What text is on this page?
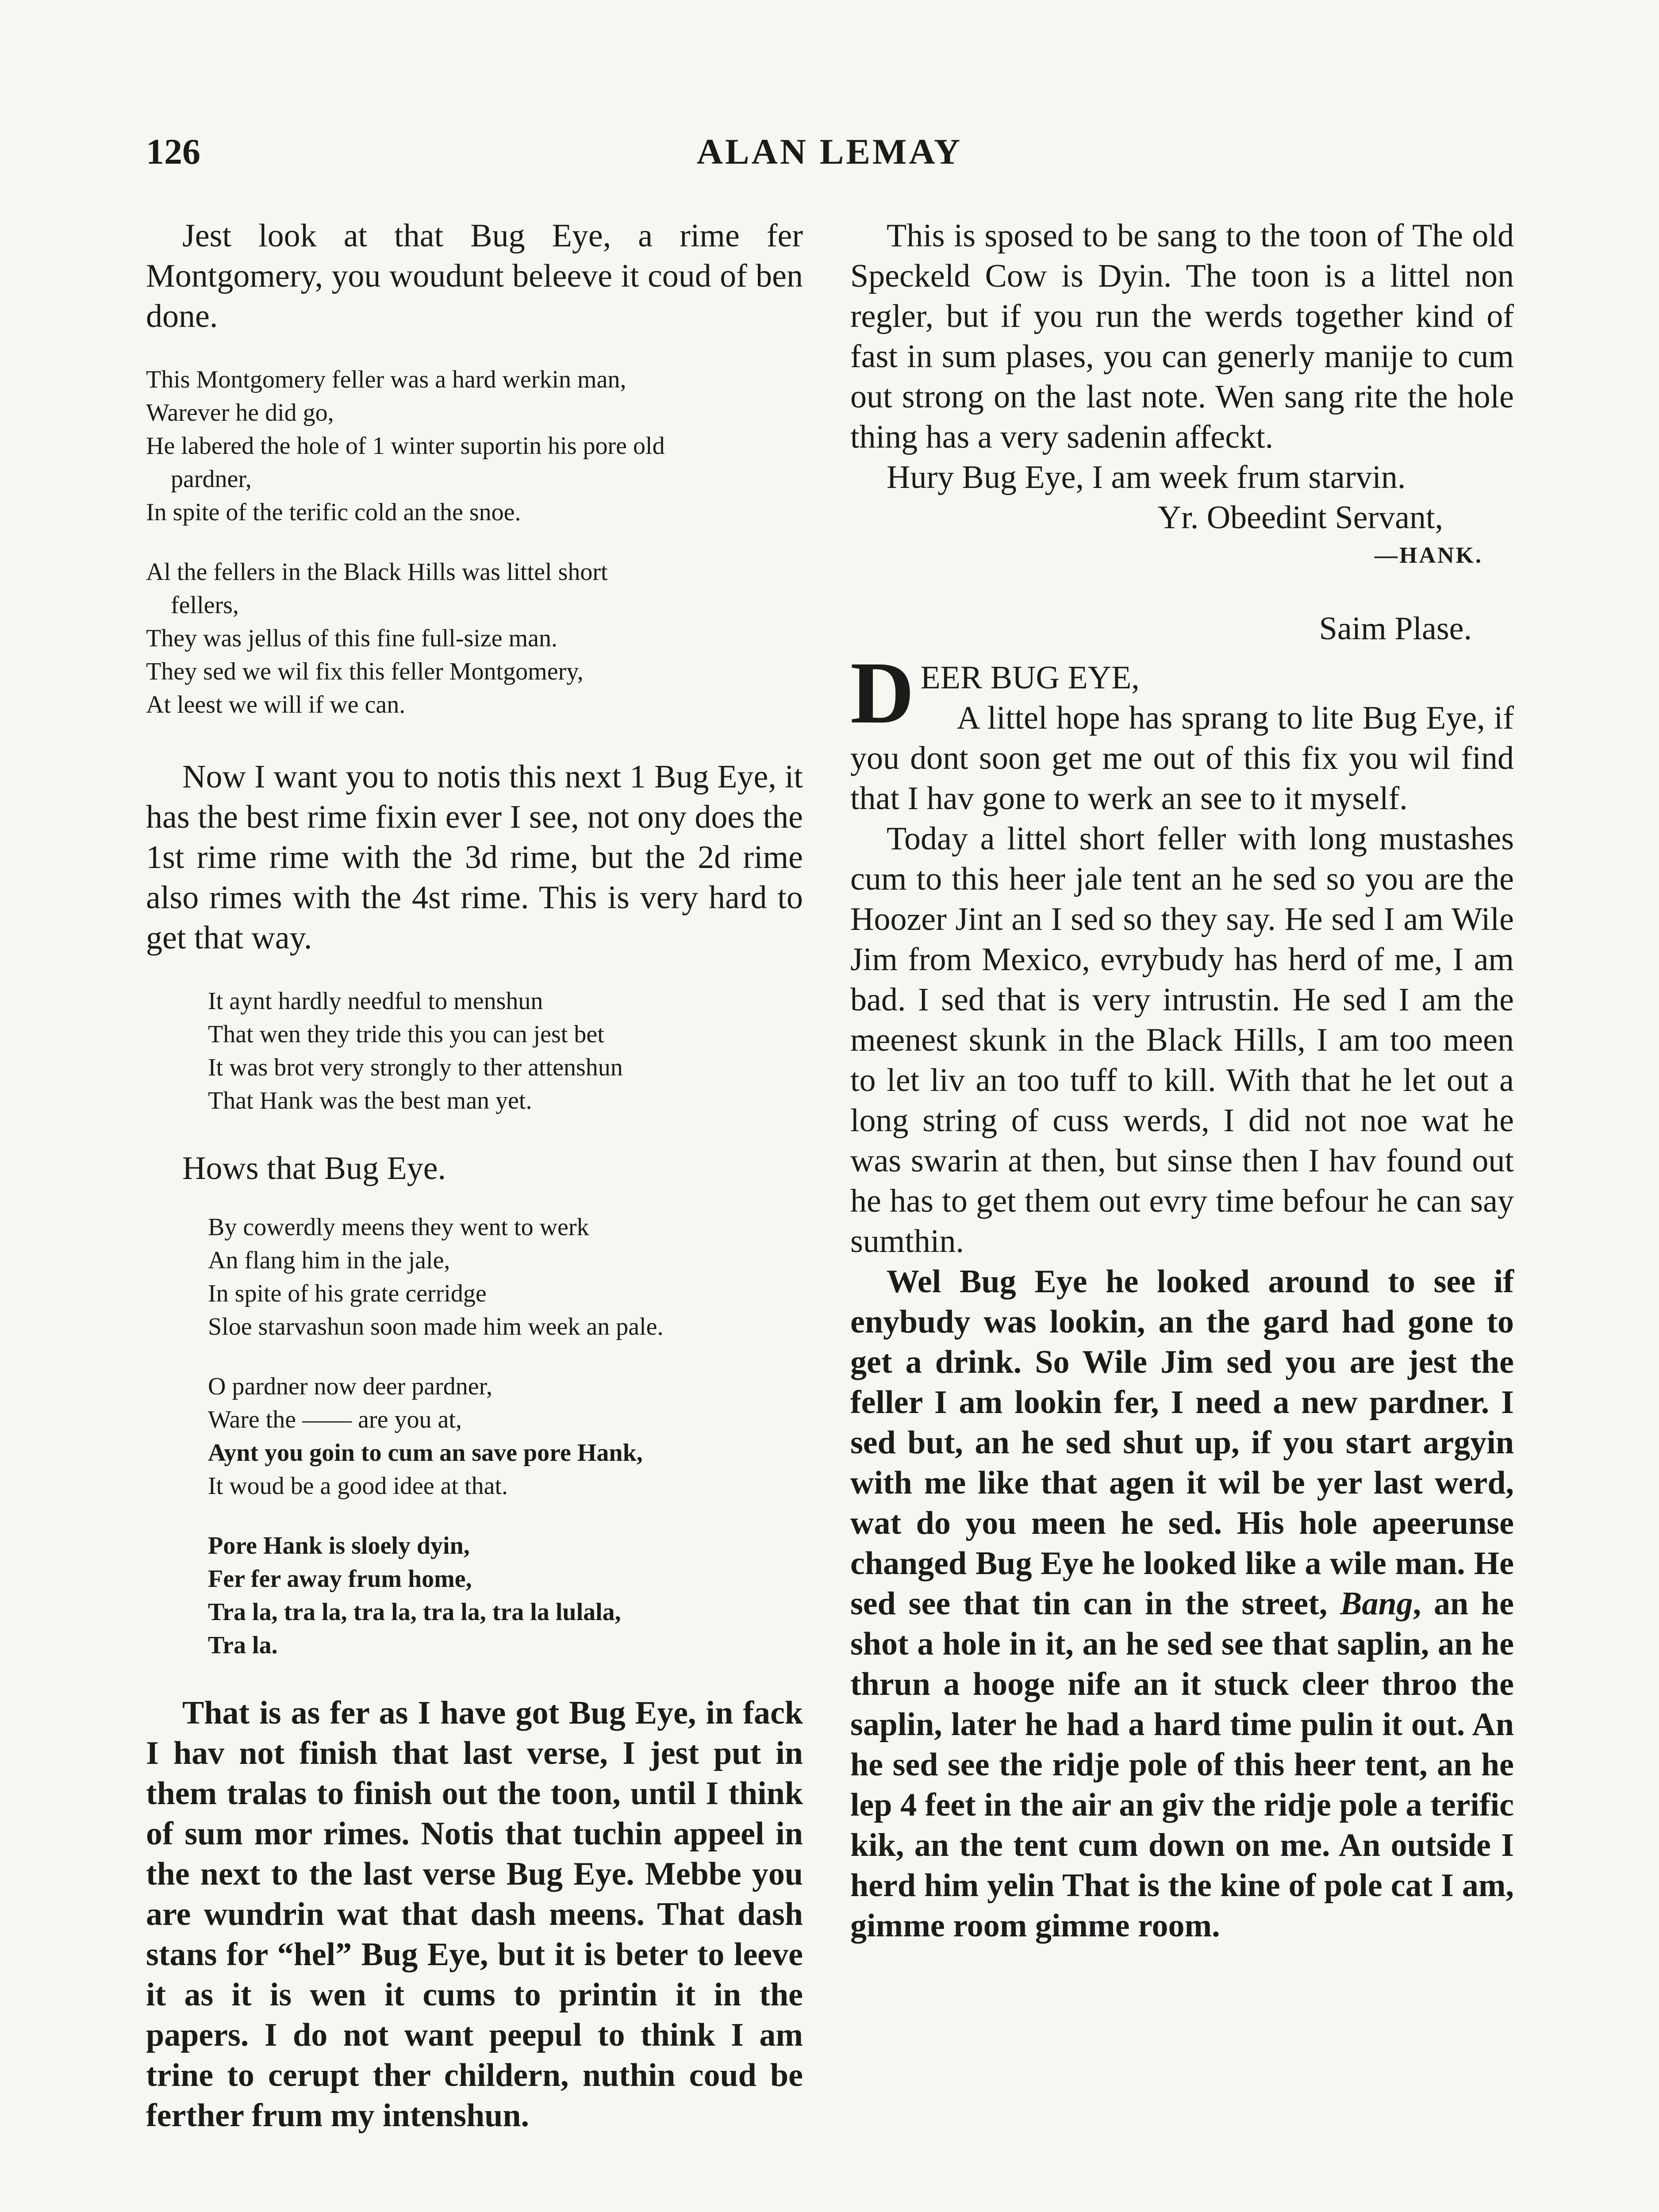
126	ALAN LEMAY

Jest look at that Bug Eye, a rime fer Montgomery, you woudunt beleeve it coud of ben done.

This Montgomery feller was a hard werkin man,
Warever he did go,
He labered the hole of 1 winter suportin his pore old
pardner,
In spite of the terific cold an the snoe.
Al the fellers in the Black Hills was littel short
fellers,
They was jellus of this fine full-size man.
They sed we wil fix this feller Montgomery,
At leest we will if we can.

Now I want you to notis this next 1 Bug Eye, it has the best rime fixin ever I see, not ony does the 1st rime rime with the 3d rime, but the 2d rime also rimes with the 4st rime. This is very hard to get that way.

It aynt hardly needful to menshun
That wen they tride this you can jest bet
It was brot very strongly to ther attenshun
That Hank was the best man yet.
Hows that Bug Eye.
By cowerdly meens they went to werk
An flang him in the jale,
In spite of his grate cerridge
Sloe starvashun soon made him week an pale.
O pardner now deer pardner,
Ware the —— are you at,
Aynt you goin to cum an save pore Hank,
It woud be a good idee at that.
Pore Hank is sloely dyin,
Fer fer away frum home,
Tra la, tra la, tra la, tra la, tra la lulala,
Tra la.

That is as fer as I have got Bug Eye, in fack I hav not finish that last verse, I jest put in them tralas to finish out the toon, until I think of sum mor rimes. Notis that tuchin appeel in the next to the last verse Bug Eye. Mebbe you are wundrin wat that dash meens. That dash stans for “hel” Bug Eye, but it is beter to leeve it as it is wen it cums to printin it in the papers. I do not want peepul to think I am trine to cerupt ther childern, nuthin coud be ferther frum my intenshun.

This is sposed to be sang to the toon of The old Speckeld Cow is Dyin. The toon is a littel non regler, but if you run the werds together kind of fast in sum plases, you can generly manije to cum out strong on the last note. Wen sang rite the hole thing has a very sadenin affeckt.

Hury Bug Eye, I am week frum starvin.

Yr. Obeedint Servant,
—HANK.
Saim Plase.
DEER BUG EYE,

A littel hope has sprang to lite Bug Eye, if you dont soon get me out of this fix you wil find that I hav gone to werk an see to it myself.

Today a littel short feller with long mustashes cum to this heer jale tent an he sed so you are the Hoozer Jint an I sed so they say. He sed I am Wile Jim from Mexico, evrybudy has herd of me, I am bad. I sed that is very intrustin. He sed I am the meenest skunk in the Black Hills, I am too meen to let liv an too tuff to kill. With that he let out a long string of cuss werds, I did not noe wat he was swarin at then, but sinse then I hav found out he has to get them out evry time befour he can say sumthin.

Wel Bug Eye he looked around to see if enybudy was lookin, an the gard had gone to get a drink. So Wile Jim sed you are jest the feller I am lookin fer, I need a new pardner. I sed but, an he sed shut up, if you start argyin with me like that agen it wil be yer last werd, wat do you meen he sed. His hole apeerunse changed Bug Eye he looked like a wile man. He sed see that tin can in the street, Bang, an he shot a hole in it, an he sed see that saplin, an he thrun a hooge nife an it stuck cleer throo the saplin, later he had a hard time pulin it out. An he sed see the ridje pole of this heer tent, an he lep 4 feet in the air an giv the ridje pole a terific kik, an the tent cum down on me. An outside I herd him yelin That is the kine of pole cat I am, gimme room gimme room.
